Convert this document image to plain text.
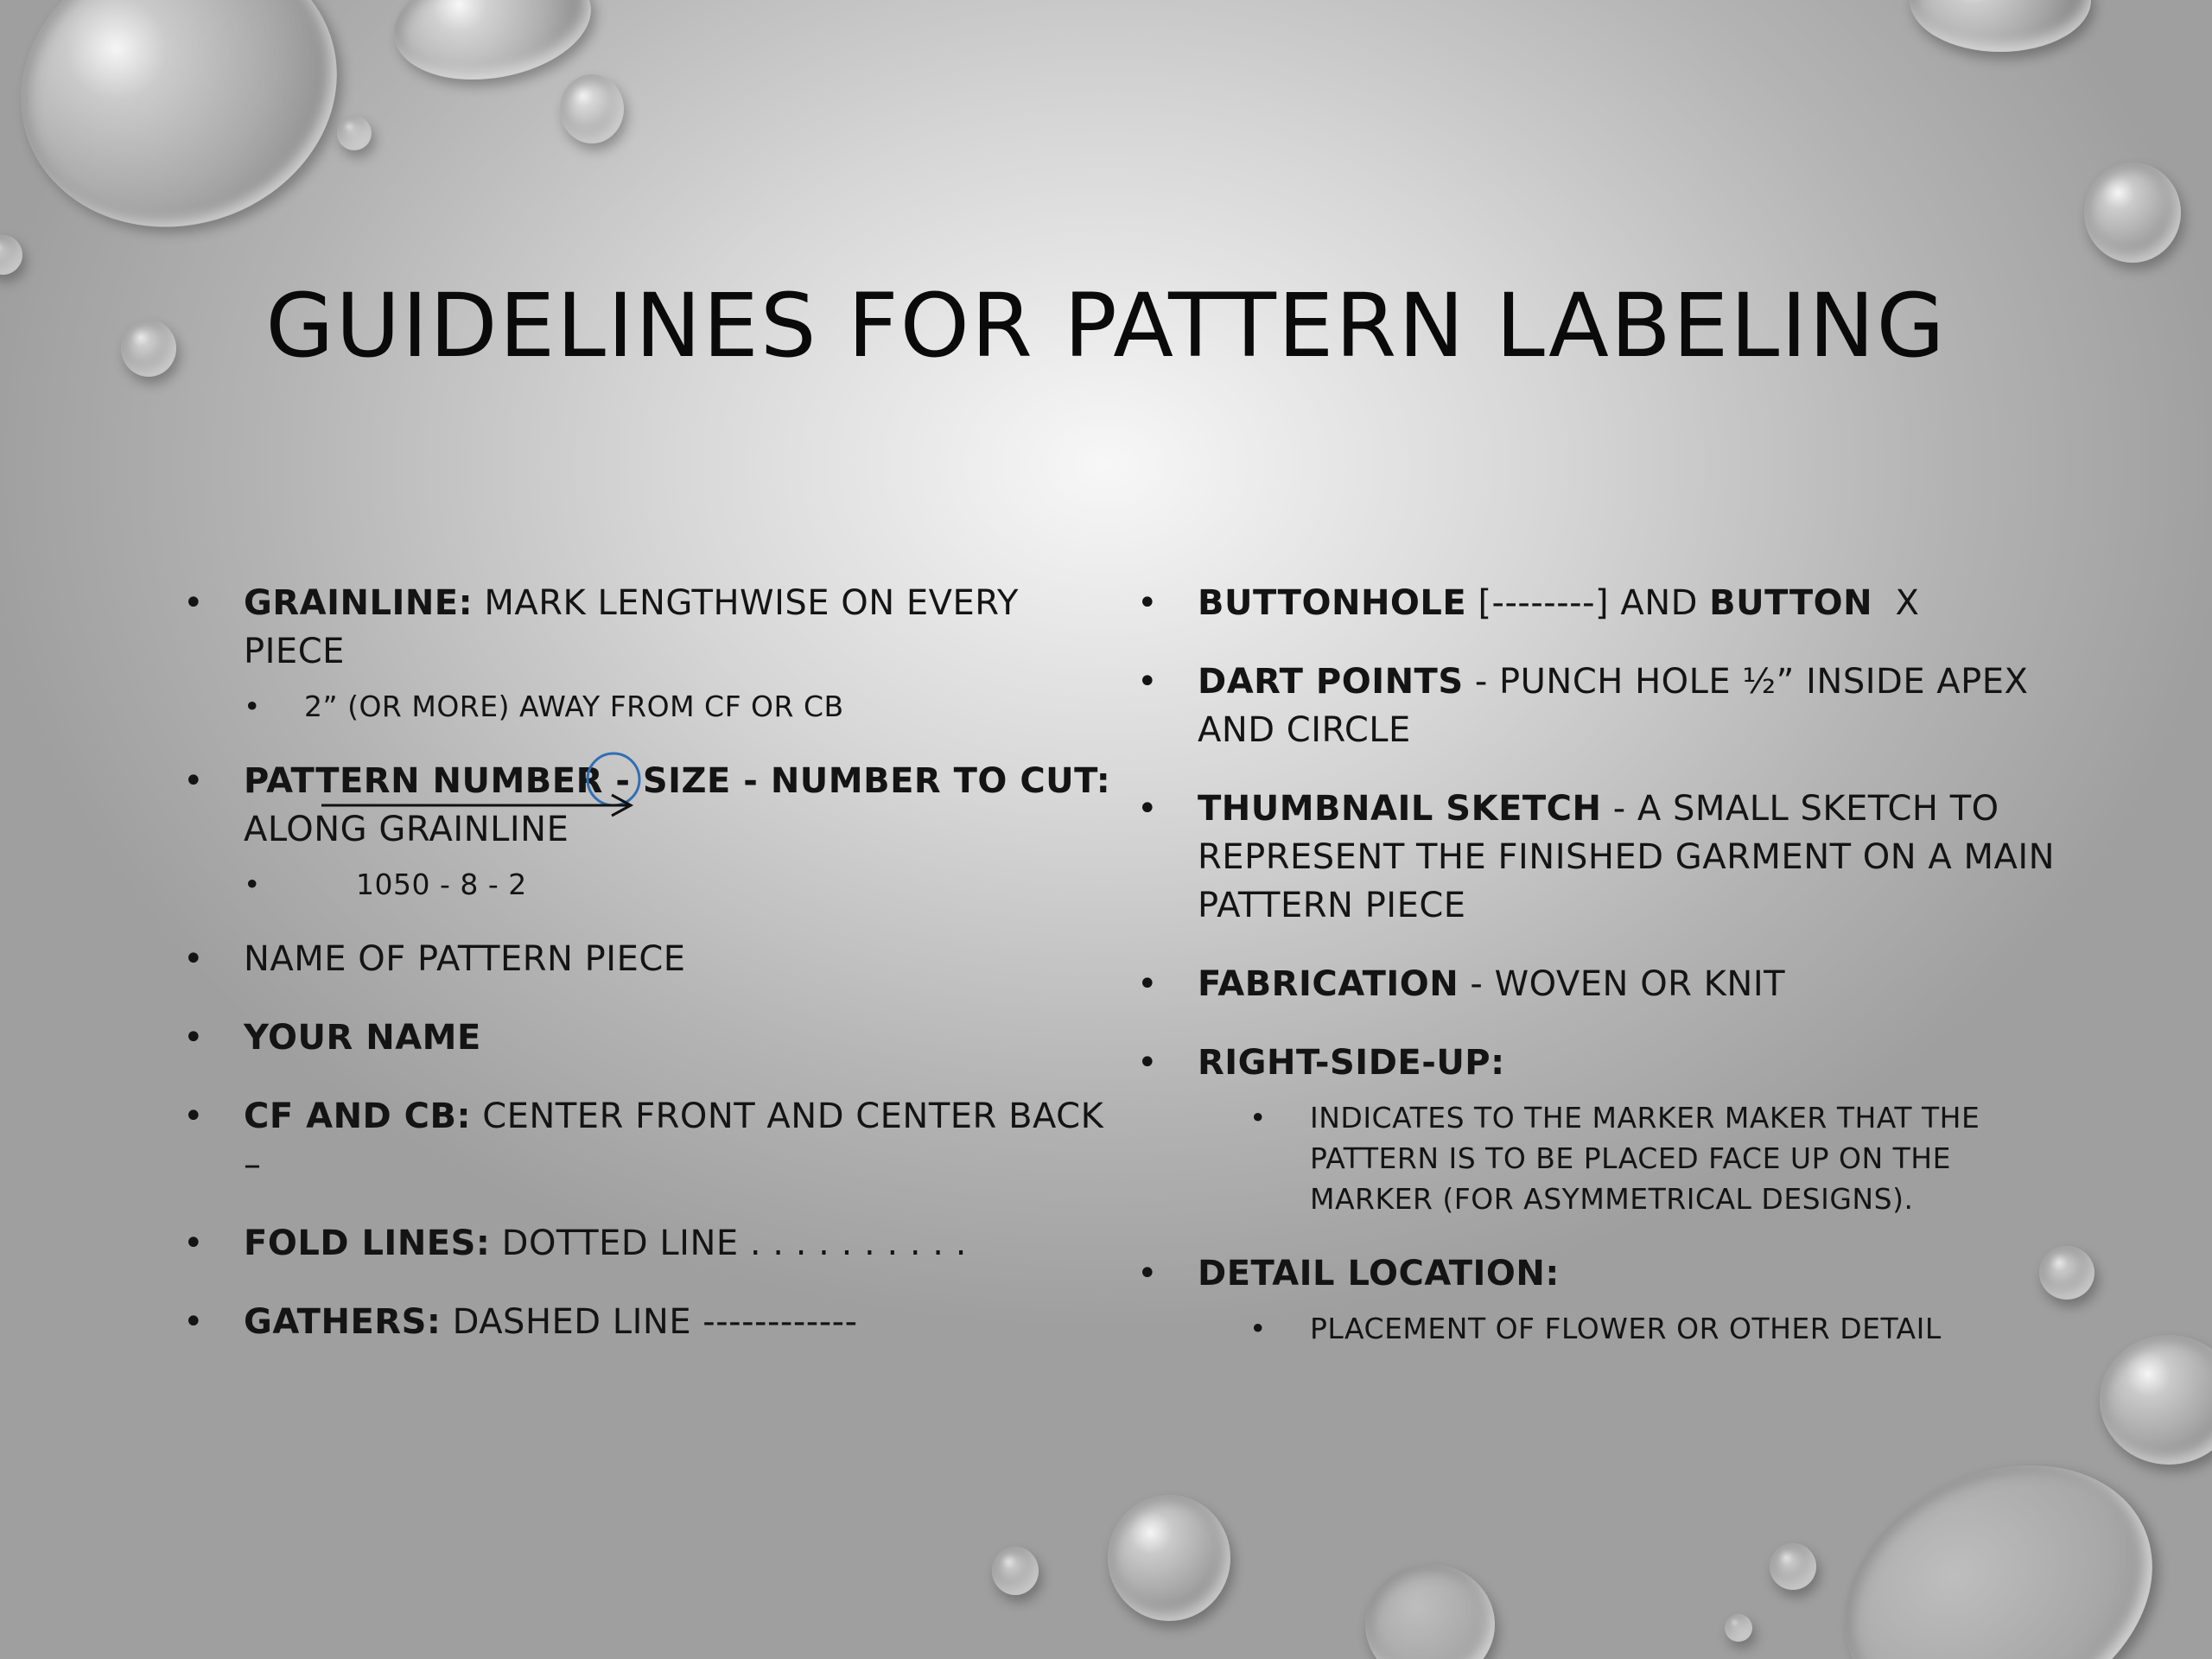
GUIDELINES FOR PATTERN LABELING
• GRAINLINE: MARK LENGTHWISE ON EVERY PIECE
• 2” (OR MORE) AWAY FROM CF OR CB
• PATTERN NUMBER - SIZE - NUMBER TO CUT: ALONG GRAINLINE
• 1050 - 8 - 2
• NAME OF PATTERN PIECE
• YOUR NAME
• CF AND CB: CENTER FRONT AND CENTER BACK –
• FOLD LINES: DOTTED LINE . . . . . . . . . .
• GATHERS: DASHED LINE ------------
• BUTTONHOLE [--------] AND BUTTON  X
• DART POINTS - PUNCH HOLE ½” INSIDE APEX AND CIRCLE
• THUMBNAIL SKETCH - A SMALL SKETCH TO REPRESENT THE FINISHED GARMENT ON A MAIN PATTERN PIECE
• FABRICATION - WOVEN OR KNIT
• RIGHT-SIDE-UP:
• INDICATES TO THE MARKER MAKER THAT THE PATTERN IS TO BE PLACED FACE UP ON THE MARKER (FOR ASYMMETRICAL DESIGNS).
• DETAIL LOCATION:
• PLACEMENT OF FLOWER OR OTHER DETAIL
